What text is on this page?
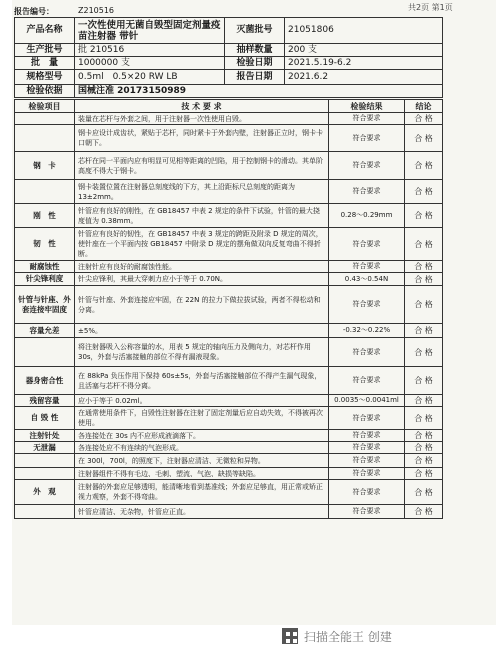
报告编号：	Z210516	共2页 第1页
产品名称	一次性使用无菌自毁型固定剂量疫苗注射器 带针	灭菌批号	21051806
生产批号	批 210516	抽样数量	200 支
批　量	1000000 支	检验日期	2021.5.19-6.2
规格型号	0.5ml　0.5×20 RW LB	报告日期	2021.6.2
检验依据	国械注准 20173150989		
检验项目	技 术 要 求	检验结果	结论
	装量在芯杆与外套之间，用于注射器一次性使用自毁。	符合要求	合 格
	钢卡应设计成齿状，紧贴于芯杆，同时紧卡于外套内壁，注射器正立时，钢卡卡口朝下。	符合要求	合 格
钢　卡	芯杆在同一平面内应有明显可见相等距离的凹陷，用于控制钢卡的滑动。其单阶高度不得大于钢卡。	符合要求	合 格
	钢卡装置位置在注射器总刻度线的下方，其上沿距标尺总刻度的距离为 13±2mm。	符合要求	合 格
刚　性	针管应有良好的刚性，在 GB18457 中表 2 规定的条件下试验，针管的最大挠度值为 0.38mm。	0.28～0.29mm	合 格
韧　性	针管应有良好的韧性，在 GB18457 中表 3 规定的跨距及附录 D 规定的周次，使针座在一个平面内按 GB18457 中附录 D 规定的摆角做双向反复弯曲不得折断。	符合要求	合 格
耐腐蚀性	注射针应有良好的耐腐蚀性能。	符合要求	合 格
针尖锋利度	针尖应锋利，其最大穿刺力应小于等于 0.70N。	0.43～0.54N	合 格
针管与针座、外套连接牢固度	针管与针座、外套连接应牢固，在 22N 的拉力下做拉拔试验，两者不得松动和分离。	符合要求	合 格
容量允差	±5%。	-0.32～0.22%	合 格
	将注射器吸入公称容量的水，用表 5 规定的轴向压力及侧向力，对芯杆作用 30s，外套与活塞接触的部位不得有漏液现象。	符合要求	合 格
器身密合性	在 88kPa 负压作用下保持 60s±5s，外套与活塞接触部位不得产生漏气现象，且活塞与芯杆不得分离。	符合要求	合 格
残留容量	应小于等于 0.02ml。	0.0035～0.0041ml	合 格
自 毁 性	在通常使用条件下，自毁性注射器在注射了固定剂量后应自动失效，不得被再次使用。	符合要求	合 格
注射针处	各连接处在 30s 内不应形成液滴落下。	符合要求	合 格
无泄漏	各连接处应不有连续的气泡形成。	符合要求	合 格
	在 300l，700l，的照度下，注射器应清洁、无微粒和异物。	符合要求	合 格
	注射器组件不得有毛边、毛刺、塑流、气泡、缺损等缺陷。	符合要求	合 格
外　观	注射器的外套应足够透明，能清晰地看到基准线；外套应足够直，用正常或矫正视力观察，外套不得弯曲。	符合要求	合 格
	针管应清洁、无杂物，针管应正直。	符合要求	合 格
扫描全能王 创建
